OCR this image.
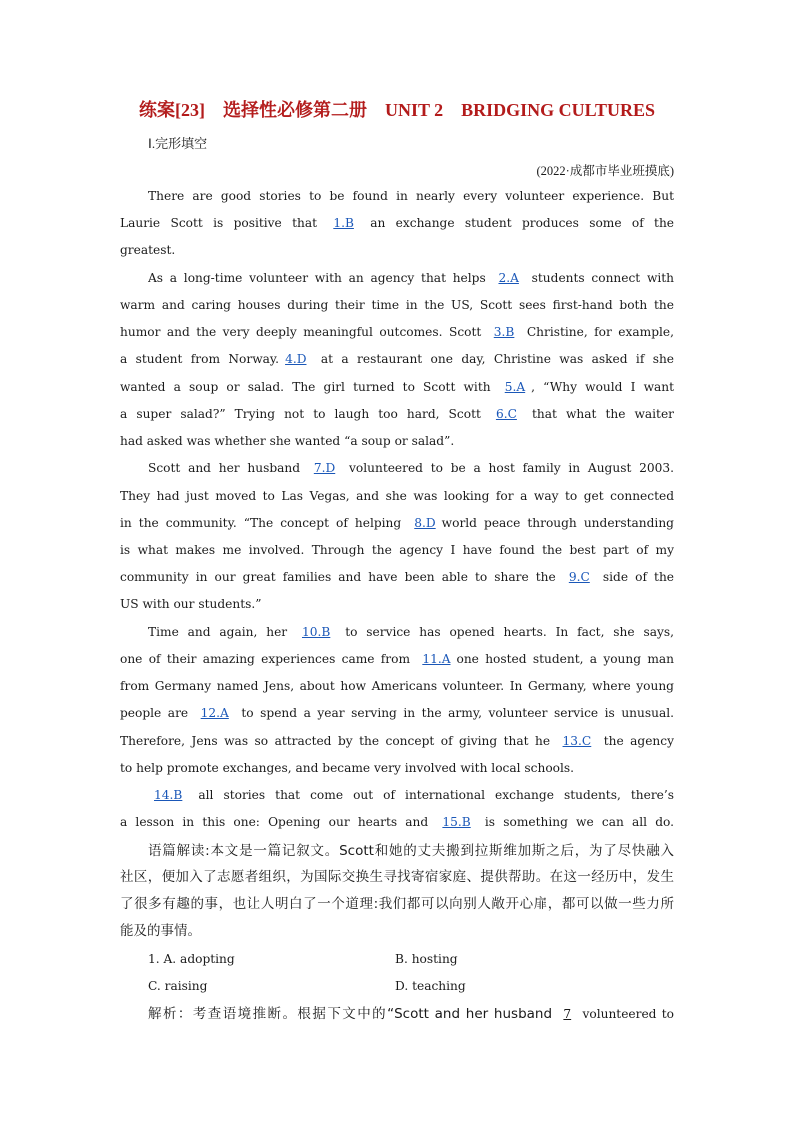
练案[23]　选择性必修第二册　UNIT 2　BRIDGING CULTURES
Ⅰ.完形填空
(2022·成都市毕业班摸底)
There are good stories to be found in nearly every volunteer experience. But
Laurie Scott is positive that 1.B an exchange student produces some of the
greatest.
As a long-time volunteer with an agency that helps 2.A students connect with
warm and caring houses during their time in the US, Scott sees first-hand both the
humor and the very deeply meaningful outcomes. Scott 3.B Christine, for example,
a student from Norway. 4.D at a restaurant one day, Christine was asked if she
wanted a soup or salad. The girl turned to Scott with 5.A , “Why would I want
a super salad?” Trying not to laugh too hard, Scott 6.C that what the waiter
had asked was whether she wanted “a soup or salad”.
Scott and her husband 7.D volunteered to be a host family in August 2003.
They had just moved to Las Vegas, and she was looking for a way to get connected
in the community. “The concept of helping 8.D world peace through understanding
is what makes me involved. Through the agency I have found the best part of my
community in our great families and have been able to share the 9.C side of the
US with our students.”
Time and again, her 10.B to service has opened hearts. In fact, she says,
one of their amazing experiences came from 11.A one hosted student, a young man
from Germany named Jens, about how Americans volunteer. In Germany, where young
people are 12.A to spend a year serving in the army, volunteer service is unusual.
Therefore, Jens was so attracted by the concept of giving that he 13.C the agency
to help promote exchanges, and became very involved with local schools.
14.B all stories that come out of international exchange students, there’s
a lesson in this one: Opening our hearts and 15.B is something we can all do.
语篇解读:本文是一篇记叙文。Scott和她的丈夫搬到拉斯维加斯之后，为了尽快融入
社区，便加入了志愿者组织，为国际交换生寻找寄宿家庭、提供帮助。在这一经历中，发生
了很多有趣的事，也让人明白了一个道理:我们都可以向别人敞开心扉，都可以做一些力所
能及的事情。
1. A. adopting	B. hosting
C. raising	D. teaching
解析：考查语境推断。根据下文中的“Scott and her husband 7 volunteered to
